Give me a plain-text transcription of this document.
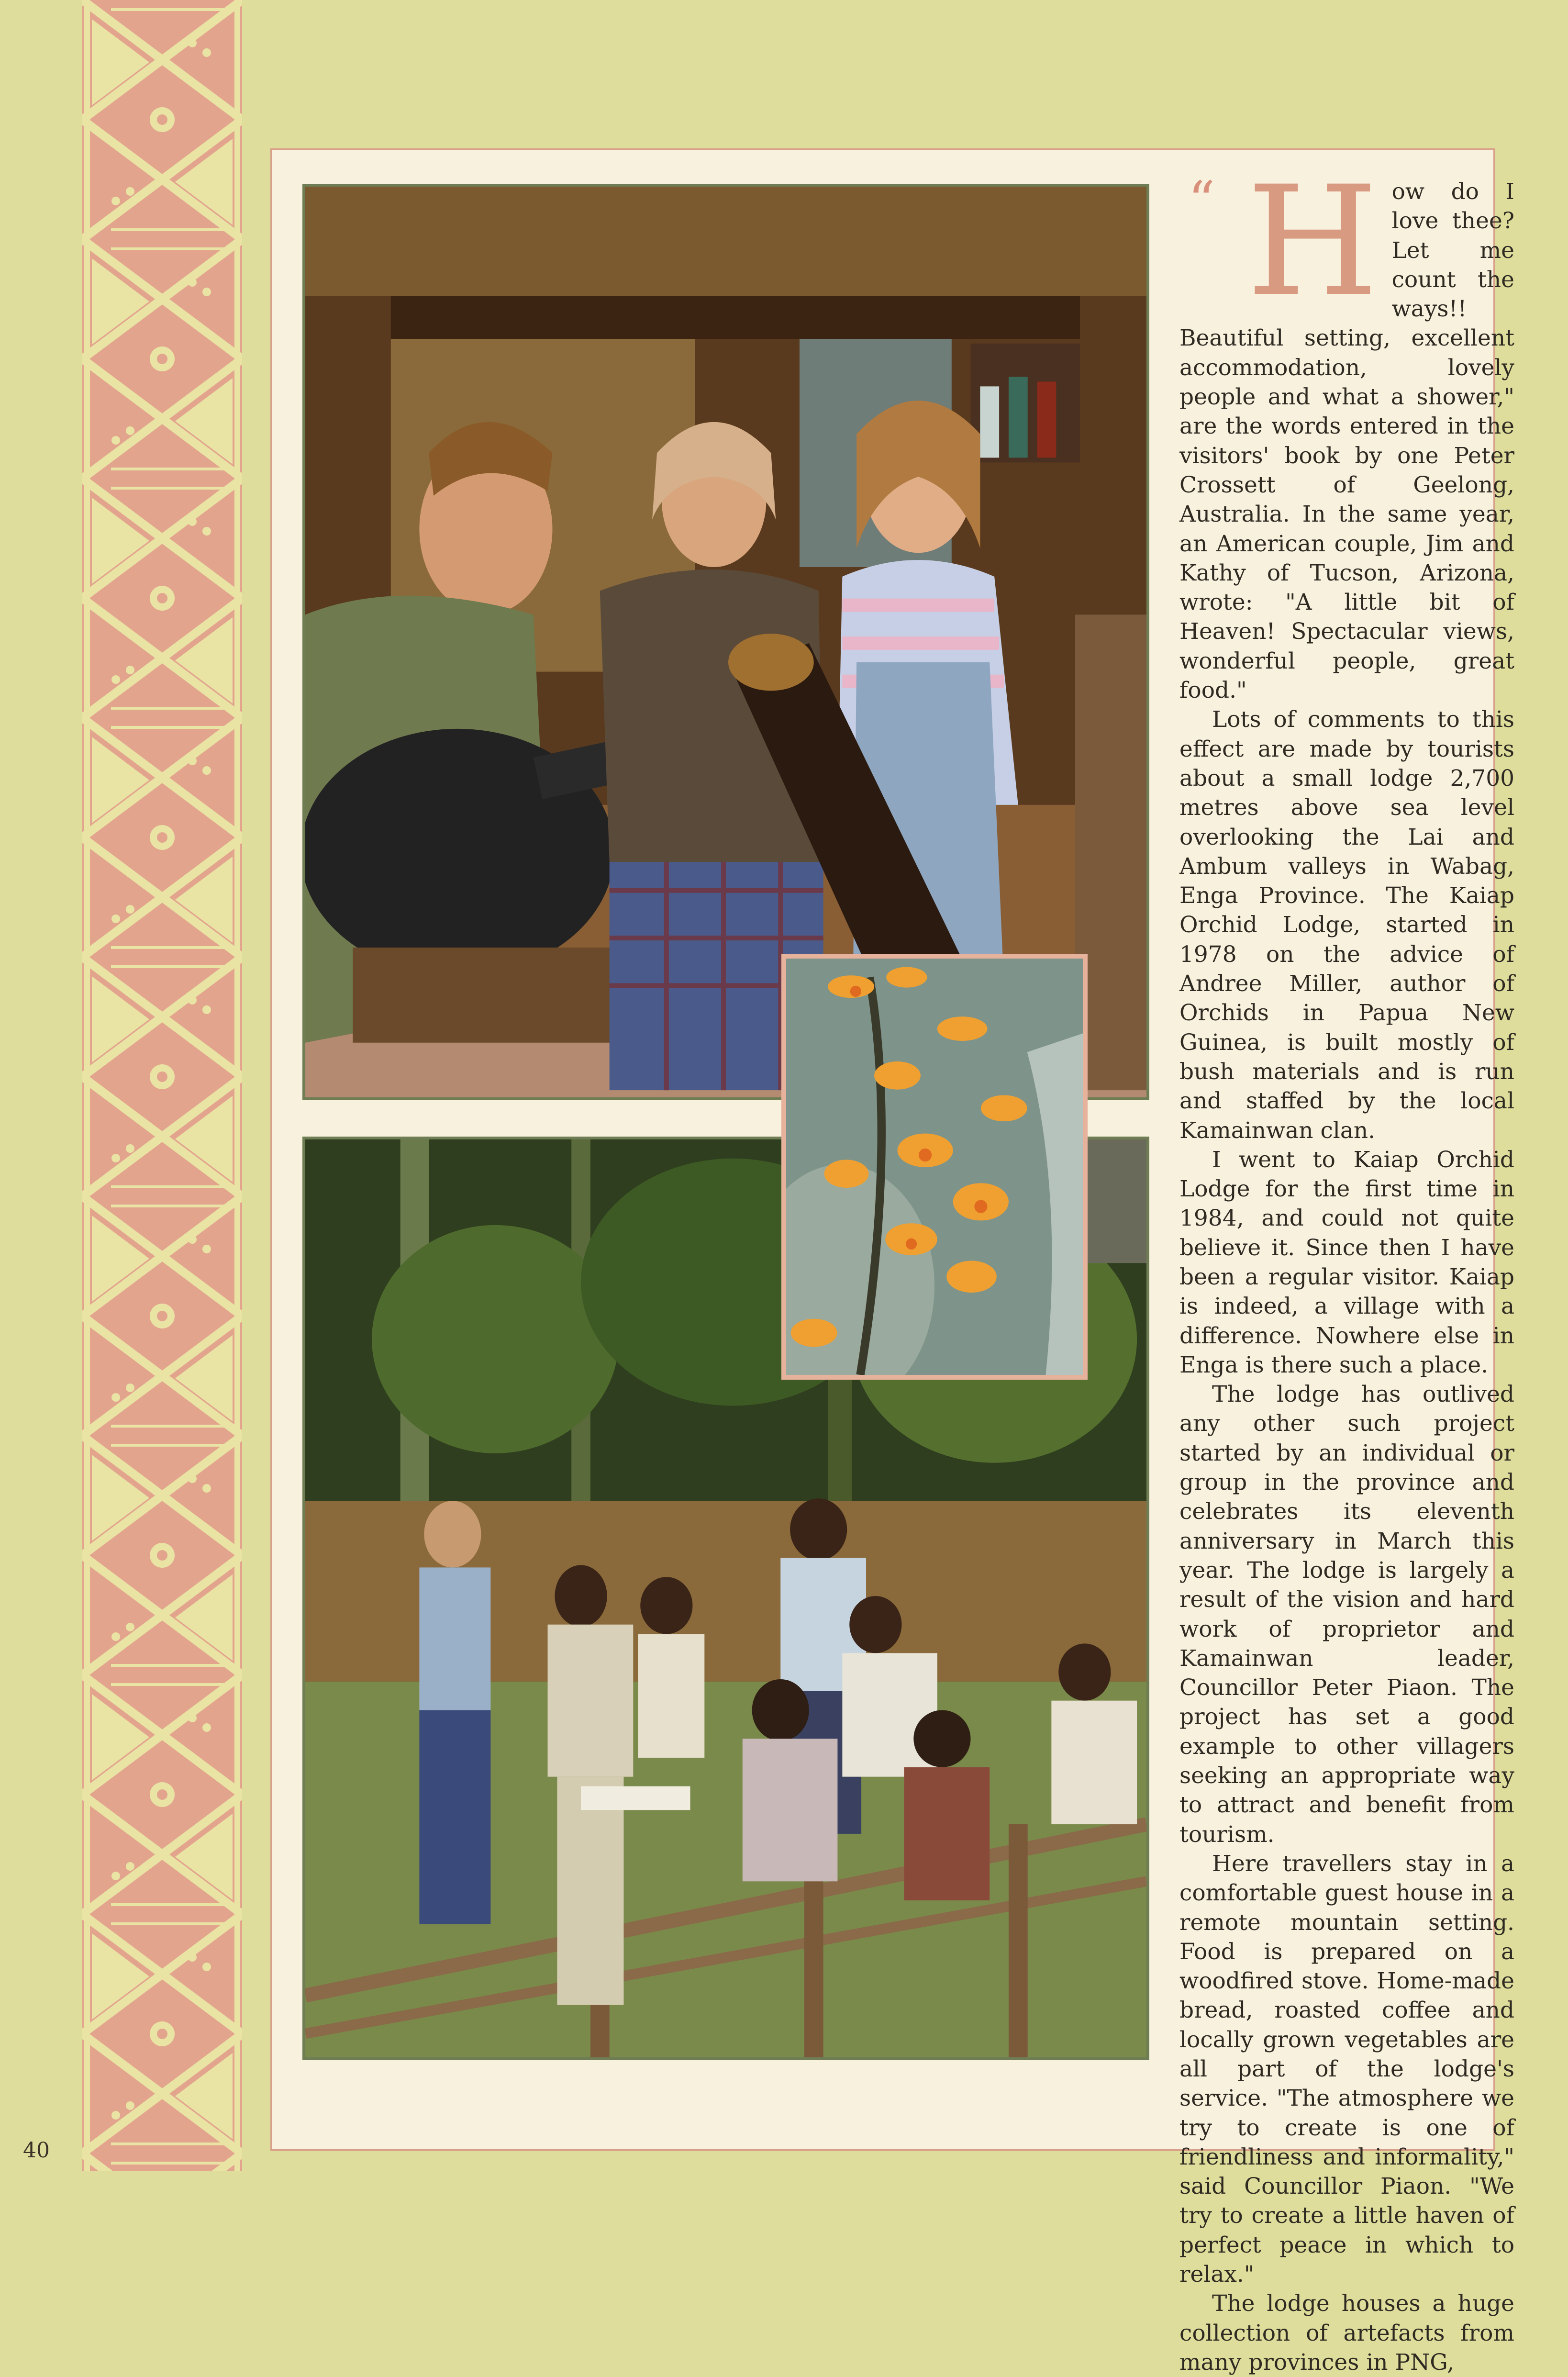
“ How do I love thee? Let me count the ways!! Beautiful setting, excellent accommodation, lovely people and what a shower," are the words entered in the visitors' book by one Peter Crossett of Geelong, Australia. In the same year, an American couple, Jim and Kathy of Tucson, Arizona, wrote: "A little bit of Heaven! Spectacular views, wonderful people, great food."

Lots of comments to this effect are made by tourists about a small lodge 2,700 metres above sea level overlooking the Lai and Ambum valleys in Wabag, Enga Province. The Kaiap Orchid Lodge, started in 1978 on the advice of Andree Miller, author of Orchids in Papua New Guinea, is built mostly of bush materials and is run and staffed by the local Kamainwan clan.

I went to Kaiap Orchid Lodge for the first time in 1984, and could not quite believe it. Since then I have been a regular visitor. Kaiap is indeed, a village with a difference. Nowhere else in Enga is there such a place.

The lodge has outlived any other such project started by an individual or group in the province and celebrates its eleventh anniversary in March this year. The lodge is largely a result of the vision and hard work of proprietor and Kamainwan leader, Councillor Peter Piaon. The project has set a good example to other villagers seeking an appropriate way to attract and benefit from tourism.

Here travellers stay in a comfortable guest house in a remote mountain setting. Food is prepared on a woodfired stove. Home-made bread, roasted coffee and locally grown vegetables are all part of the lodge's service. "The atmosphere we try to create is one of friendliness and informality," said Councillor Piaon. "We try to create a little haven of perfect peace in which to relax."

The lodge houses a huge collection of artefacts from many provinces in PNG,

40
